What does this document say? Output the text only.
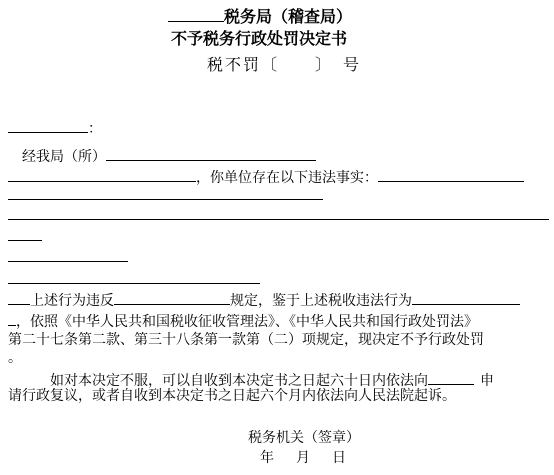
税务局（稽查局）
不予税务行政处罚决定书
税不罚〔　　〕　号
：
经我局（所）
，你单位存在以下违法事实：
上述行为违反	规定，鉴于上述税收违法行为
，依照《中华人民共和国税收征收管理法》、《中华人民共和国行政处罚法》
第二十七条第二款、第三十八条第一款第（二）项规定，现决定不予行政处罚
。
如对本决定不服，可以自收到本决定书之日起六十日内依法向	申
请行政复议，或者自收到本决定书之日起六个月内依法向人民法院起诉。
税务机关（签章）
年　月　日
